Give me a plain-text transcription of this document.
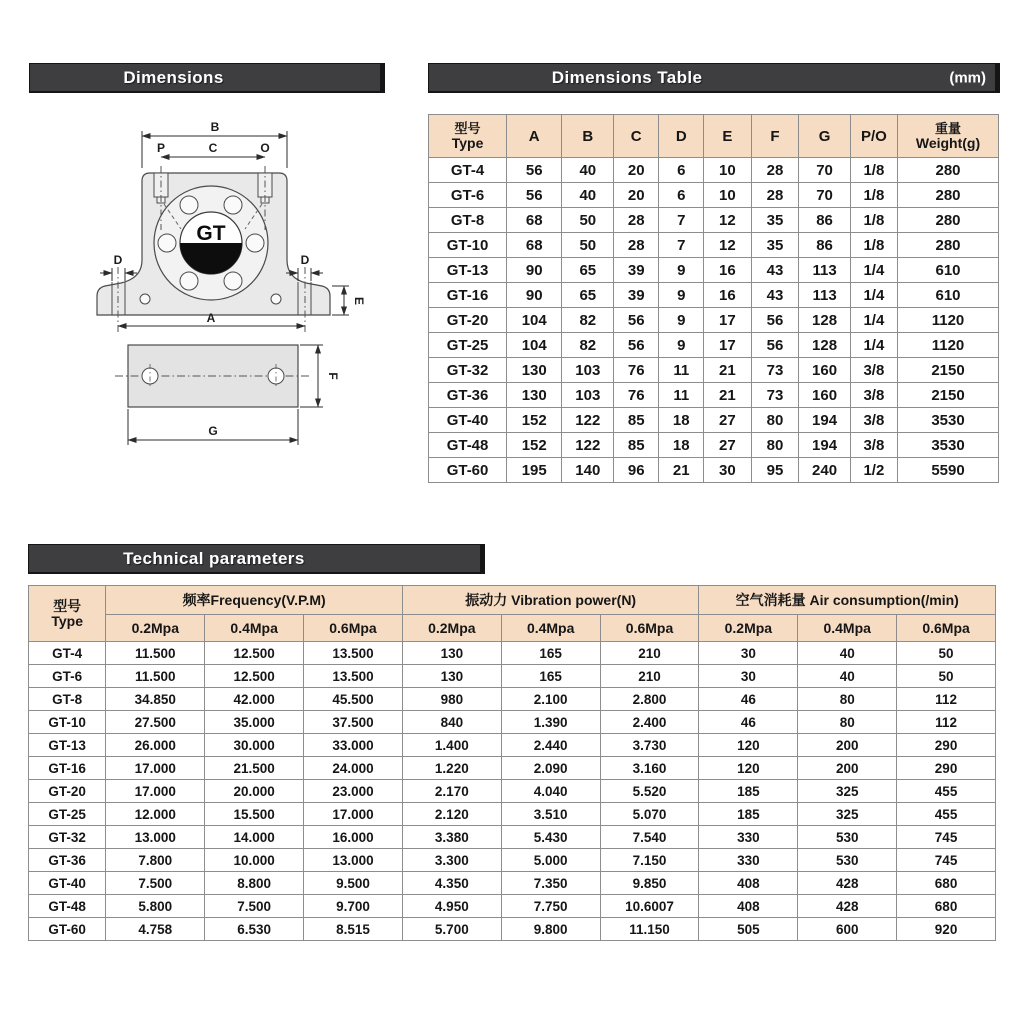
Dimensions	Dimensions Table	(mm)
GT
B
P	C	O
D	D
E
A
F
G
型号
Type	A	B	C	D	E	F	G	P/O	重量
Weight(g)

GT-4	56	40	20	6	10	28	70	1/8	280
GT-6	56	40	20	6	10	28	70	1/8	280
GT-8	68	50	28	7	12	35	86	1/8	280
GT-10	68	50	28	7	12	35	86	1/8	280
GT-13	90	65	39	9	16	43	113	1/4	610
GT-16	90	65	39	9	16	43	113	1/4	610
GT-20	104	82	56	9	17	56	128	1/4	1120
GT-25	104	82	56	9	17	56	128	1/4	1120
GT-32	130	103	76	11	21	73	160	3/8	2150
GT-36	130	103	76	11	21	73	160	3/8	2150
GT-40	152	122	85	18	27	80	194	3/8	3530
GT-48	152	122	85	18	27	80	194	3/8	3530
GT-60	195	140	96	21	30	95	240	1/2	5590
Technical parameters
型号
Type	频率Frequency(V.P.M)			振动力 Vibration power(N)			空气消耗量 Air consumption(/min)		
	0.2Mpa	0.4Mpa	0.6Mpa	0.2Mpa	0.4Mpa	0.6Mpa	0.2Mpa	0.4Mpa	0.6Mpa
GT-4	11.500	12.500	13.500	130	165	210	30	40	50
GT-6	11.500	12.500	13.500	130	165	210	30	40	50
GT-8	34.850	42.000	45.500	980	2.100	2.800	46	80	112
GT-10	27.500	35.000	37.500	840	1.390	2.400	46	80	112
GT-13	26.000	30.000	33.000	1.400	2.440	3.730	120	200	290
GT-16	17.000	21.500	24.000	1.220	2.090	3.160	120	200	290
GT-20	17.000	20.000	23.000	2.170	4.040	5.520	185	325	455
GT-25	12.000	15.500	17.000	2.120	3.510	5.070	185	325	455
GT-32	13.000	14.000	16.000	3.380	5.430	7.540	330	530	745
GT-36	7.800	10.000	13.000	3.300	5.000	7.150	330	530	745
GT-40	7.500	8.800	9.500	4.350	7.350	9.850	408	428	680
GT-48	5.800	7.500	9.700	4.950	7.750	10.6007	408	428	680
GT-60	4.758	6.530	8.515	5.700	9.800	11.150	505	600	920
